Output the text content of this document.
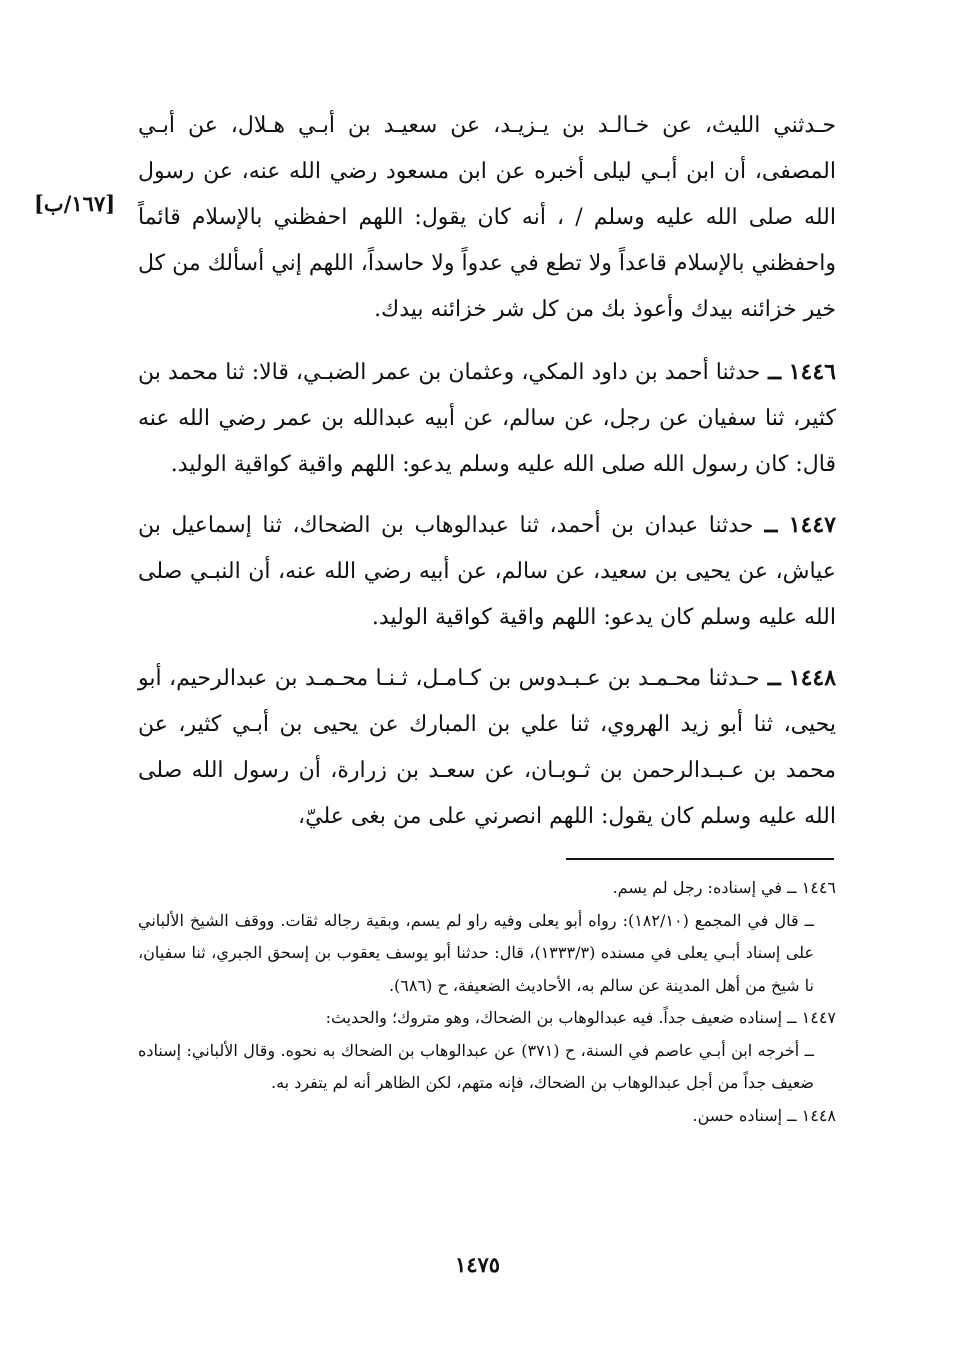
[١٦٧/ب]

حـدثني الليث، عن خـالـد بن يـزيـد، عن سعيـد بن أبـي هـلال، عن أبـي المصفى، أن ابن أبـي ليلى أخبره عن ابن مسعود رضي الله عنه، عن رسول الله صلى الله عليه وسلم / ، أنه كان يقول: اللهم احفظني بالإسلام قائماً واحفظني بالإسلام قاعداً ولا تطع في عدواً ولا حاسداً، اللهم إني أسألك من كل خير خزائنه بيدك وأعوذ بك من كل شر خزائنه بيدك.

١٤٤٦ ــ حدثنا أحمد بن داود المكي، وعثمان بن عمر الضبـي، قالا: ثنا محمد بن كثير، ثنا سفيان عن رجل، عن سالم، عن أبيه عبدالله بن عمر رضي الله عنه قال: كان رسول الله صلى الله عليه وسلم يدعو: اللهم واقية كواقية الوليد.

١٤٤٧ ــ حدثنا عبدان بن أحمد، ثنا عبدالوهاب بن الضحاك، ثنا إسماعيل بن عياش، عن يحيى بن سعيد، عن سالم، عن أبيه رضي الله عنه، أن النبـي صلى الله عليه وسلم كان يدعو: اللهم واقية كواقية الوليد.

١٤٤٨ ــ حـدثنا محـمـد بن عـبـدوس بن كـامـل، ثـنـا محـمـد بن عبدالرحيم، أبو يحيى، ثنا أبو زيد الهروي، ثنا علي بن المبارك عن يحيى بن أبـي كثير، عن محمد بن عـبـدالرحمن بن ثـوبـان، عن سعـد بن زرارة، أن رسول الله صلى الله عليه وسلم كان يقول: اللهم انصرني على من بغى عليّ،

١٤٤٦ ــ في إسناده: رجل لم يسم.

ــ قال في المجمع (١٨٢/١٠): رواه أبو يعلى وفيه راو لم يسم، وبقية رجاله ثقات. ووقف الشيخ الألباني على إسناد أبـي يعلى في مسنده (١٣٣٣/٣)، قال: حدثنا أبو يوسف يعقوب بن إسحق الجبري، ثنا سفيان، نا شيخ من أهل المدينة عن سالم به، الأحاديث الضعيفة، ح (٦٨٦).

١٤٤٧ ــ إسناده ضعيف جداً. فيه عبدالوهاب بن الضحاك، وهو متروك؛ والحديث:

ــ أخرجه ابن أبـي عاصم في السنة، ح (٣٧١) عن عبدالوهاب بن الضحاك به نحوه. وقال الألباني: إسناده ضعيف جداً من أجل عبدالوهاب بن الضحاك، فإنه متهم، لكن الظاهر أنه لم يتفرد به.

١٤٤٨ ــ إسناده حسن.

١٤٧٥
